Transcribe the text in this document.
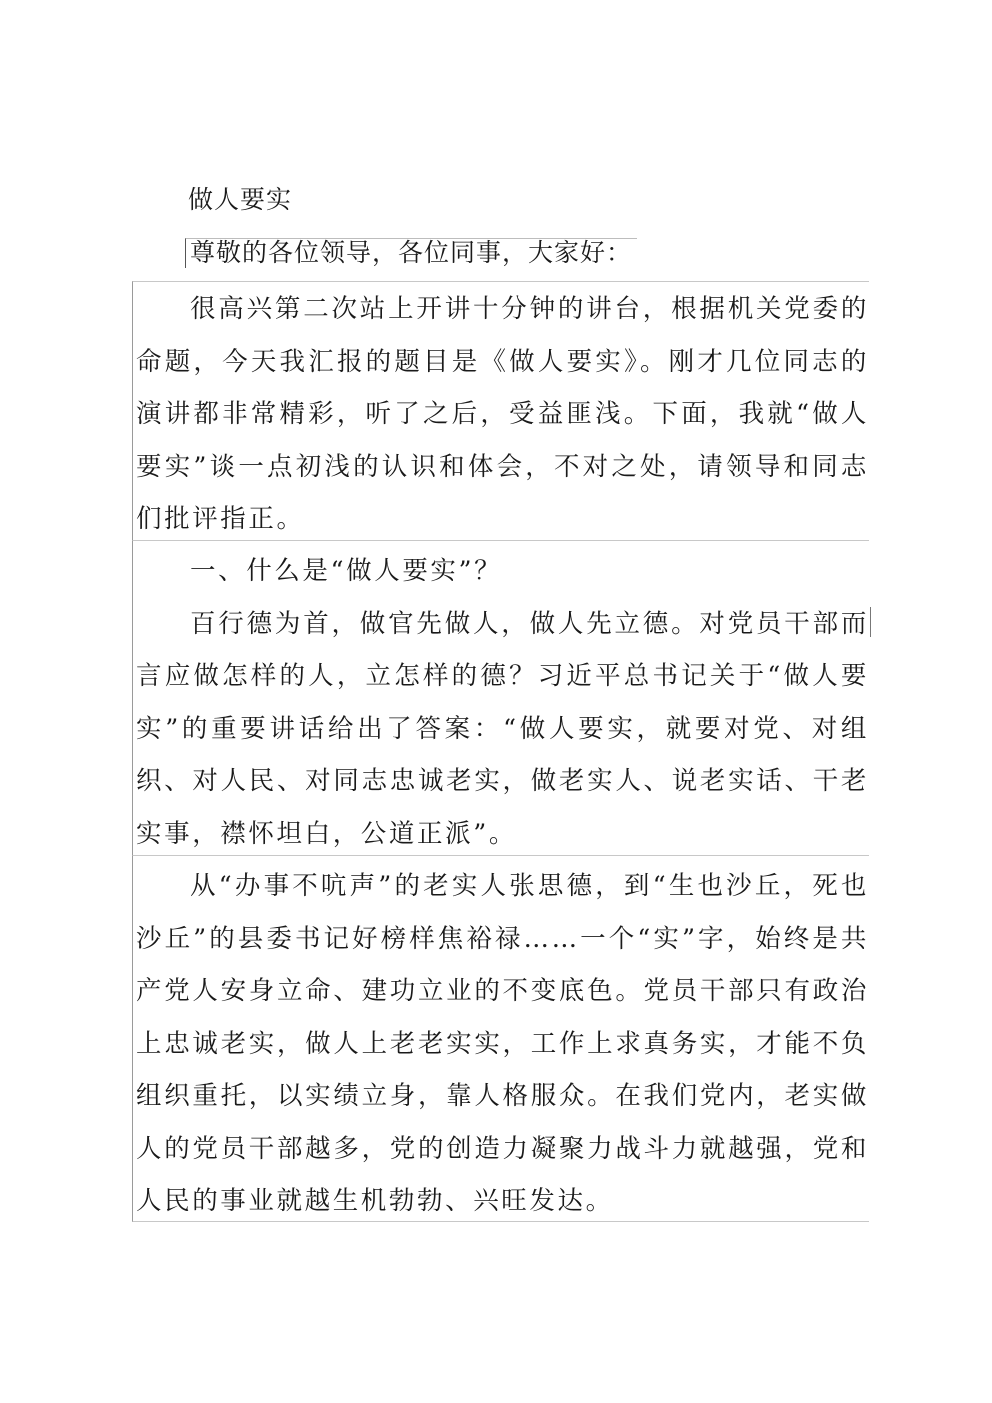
做人要实
尊敬的各位领导，各位同事，大家好：

很高兴第二次站上开讲十分钟的讲台，根据机关党委的命题，今天我汇报的题目是《做人要实》。刚才几位同志的演讲都非常精彩，听了之后，受益匪浅。下面，我就“做人要实”谈一点初浅的认识和体会，不对之处，请领导和同志们批评指正。

一、什么是“做人要实”？

百行德为首，做官先做人，做人先立德。对党员干部而言应做怎样的人，立怎样的德？习近平总书记关于“做人要实”的重要讲话给出了答案：“做人要实，就要对党、对组织、对人民、对同志忠诚老实，做老实人、说老实话、干老实事，襟怀坦白，公道正派”。

从“办事不吭声”的老实人张思德，到“生也沙丘，死也沙丘”的县委书记好榜样焦裕禄……一个“实”字，始终是共产党人安身立命、建功立业的不变底色。党员干部只有政治上忠诚老实，做人上老老实实，工作上求真务实，才能不负组织重托，以实绩立身，靠人格服众。在我们党内，老实做人的党员干部越多，党的创造力凝聚力战斗力就越强，党和人民的事业就越生机勃勃、兴旺发达。
